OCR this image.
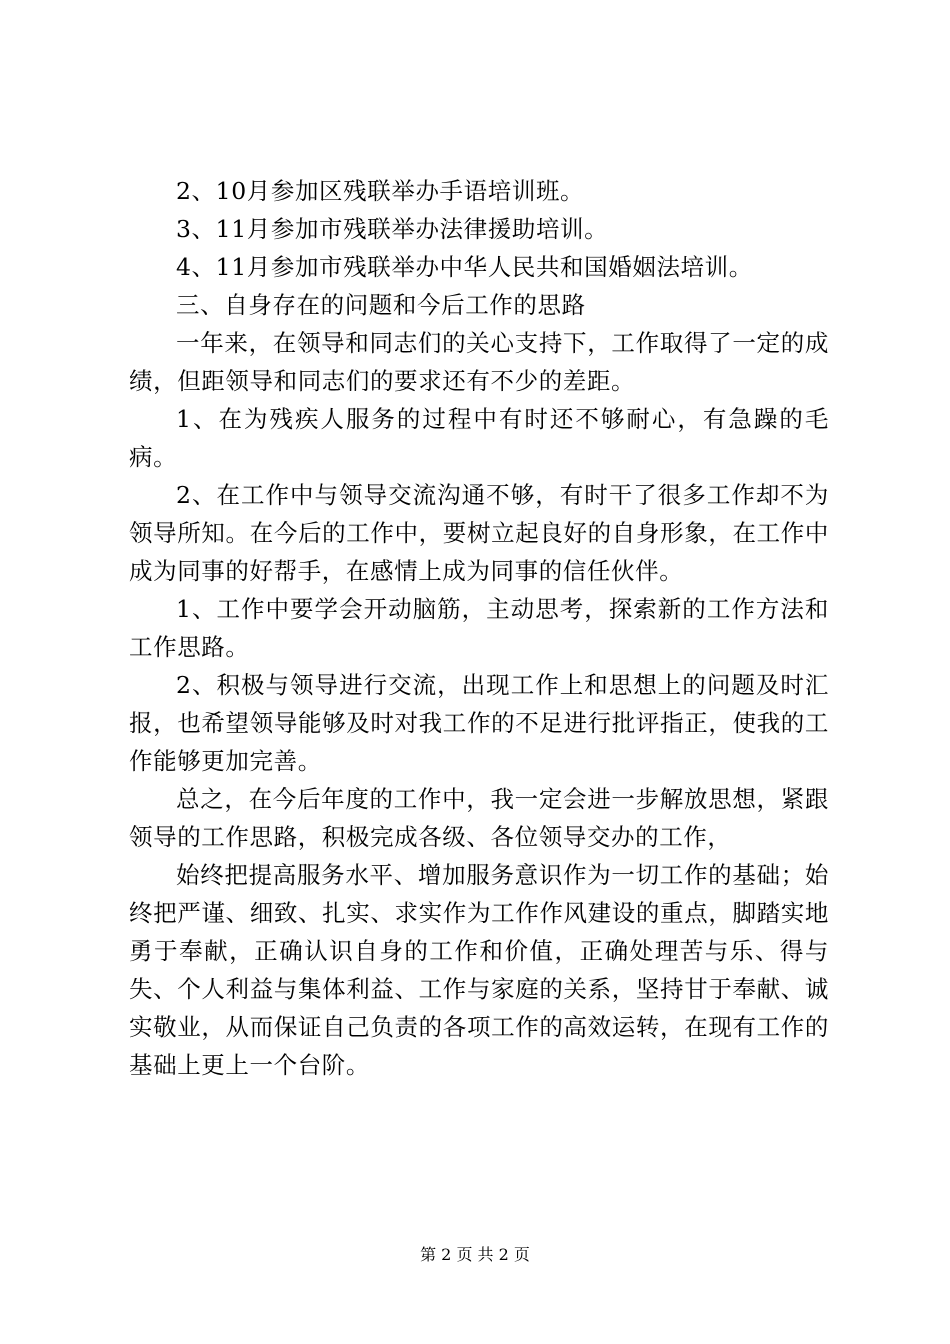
2、10月参加区残联举办手语培训班。

3、11月参加市残联举办法律援助培训。

4、11月参加市残联举办中华人民共和国婚姻法培训。

三、自身存在的问题和今后工作的思路

一年来，在领导和同志们的关心支持下，工作取得了一定的成绩，但距领导和同志们的要求还有不少的差距。

1、在为残疾人服务的过程中有时还不够耐心，有急躁的毛病。

2、在工作中与领导交流沟通不够，有时干了很多工作却不为领导所知。在今后的工作中，要树立起良好的自身形象，在工作中成为同事的好帮手，在感情上成为同事的信任伙伴。

1、工作中要学会开动脑筋，主动思考，探索新的工作方法和工作思路。

2、积极与领导进行交流，出现工作上和思想上的问题及时汇报，也希望领导能够及时对我工作的不足进行批评指正，使我的工作能够更加完善。

总之，在今后年度的工作中，我一定会进一步解放思想，紧跟领导的工作思路，积极完成各级、各位领导交办的工作，

始终把提高服务水平、增加服务意识作为一切工作的基础；始终把严谨、细致、扎实、求实作为工作作风建设的重点，脚踏实地勇于奉献，正确认识自身的工作和价值，正确处理苦与乐、得与失、个人利益与集体利益、工作与家庭的关系，坚持甘于奉献、诚实敬业，从而保证自己负责的各项工作的高效运转，在现有工作的基础上更上一个台阶。

第 2 页 共 2 页
